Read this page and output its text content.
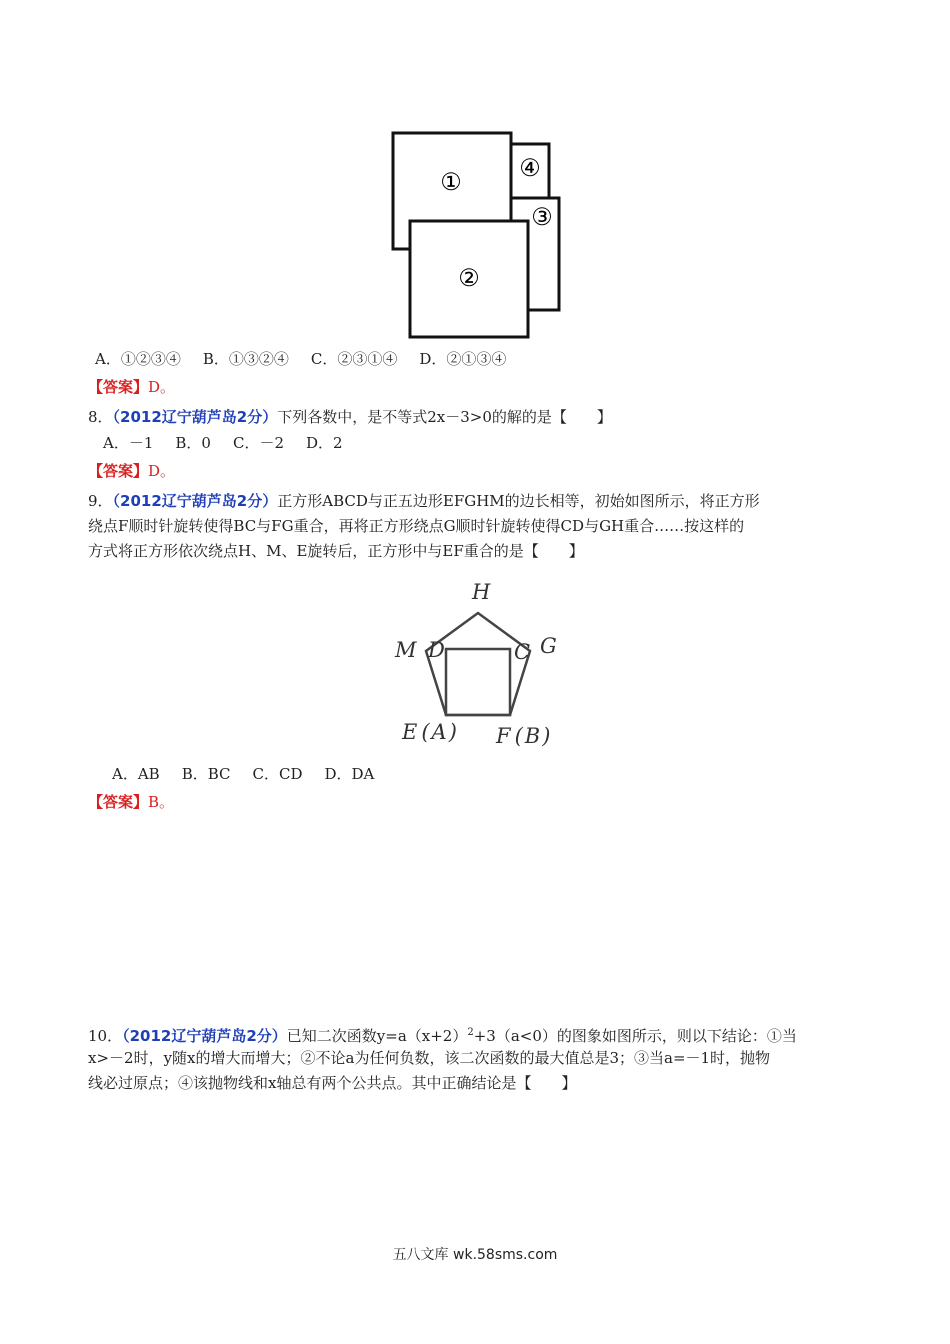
① ④
③
②
A．①②③④ B．①③②④ C．②③①④ D．②①③④
【答案】D。
8．（2012辽宁葫芦岛2分）下列各数中，是不等式2x－3>0的解的是【　　】
A．－1 B．0 C．－2 D．2
【答案】D。
9．（2012辽宁葫芦岛2分）正方形ABCD与正五边形EFGHM的边长相等，初始如图所示，将正方形
绕点F顺时针旋转使得BC与FG重合，再将正方形绕点G顺时针旋转使得CD与GH重合……按这样的
方式将正方形依次绕点H、M、E旋转后，正方形中与EF重合的是【　　】
H
M D	C G
E (A) F (B)
A．AB B．BC C．CD D．DA
【答案】B。
10．（2012辽宁葫芦岛2分）已知二次函数$y=a(x+2)^2+3(a<0)$的图象如图所示，则以下结论：①当
x>－2时，y随x的增大而增大；②不论a为任何负数，该二次函数的最大值总是3；③当a=－1时，抛物
线必过原点；④该抛物线和x轴总有两个公共点。其中正确结论是【　　】
五八文库 wk.58sms.com
